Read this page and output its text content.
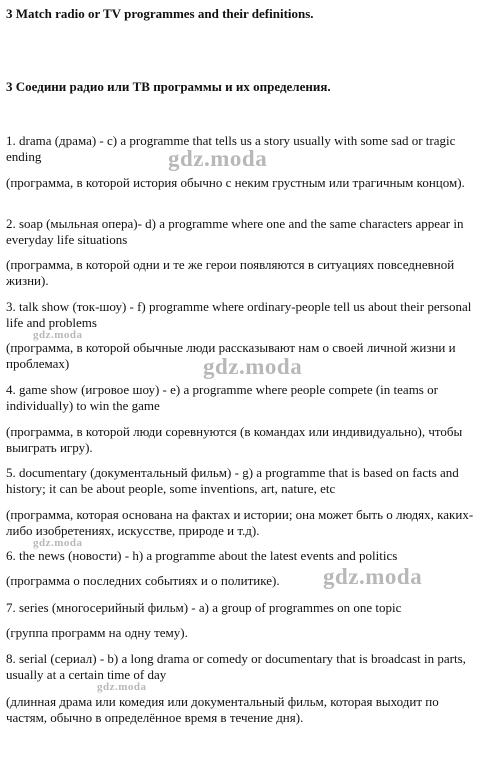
3 Match radio or TV programmes and their definitions.
3 Соедини радио или ТВ программы и их определения.
1. drama (драма) - c) a programme that tells us a story usually with some sad or tragic ending
(программа, в которой история обычно с неким грустным или трагичным концом).
2. soap (мыльная опера)- d) a programme where one and the same characters appear in everyday life situations
(программа, в которой одни и те же герои появляются в ситуациях повседневной жизни).
3. talk show (ток-шоу) - f) programme where ordinary-people tell us about their personal life and problems
(программа, в которой обычные люди рассказывают нам о своей личной жизни и проблемах)
4. game show (игровое шоу) - e) a programme where people compete (in teams or individually) to win the game
(программа, в которой люди соревнуются (в командах или индивидуально), чтобы выиграть игру).
5. documentary (документальный фильм) - g) a programme that is based on facts and history; it can be about people, some inventions, art, nature, etc
(программа, которая основана на фактах и истории; она может быть о людях, каких-либо изобретениях, искусстве, природе и т.д).
6. the news (новости) - h) a programme about the latest events and politics
(программа о последних событиях и о политике).
7. series (многосерийный фильм) - a) a group of programmes on one topic
(группа программ на одну тему).
8. serial (сериал) - b) a long drama or comedy or documentary that is broadcast in parts, usually at a certain time of day
(длинная драма или комедия или документальный фильм, которая выходит по частям, обычно в определённое время в течение дня).
gdz.moda
gdz.moda
gdz.moda
gdz.moda
gdz.moda
gdz.moda
